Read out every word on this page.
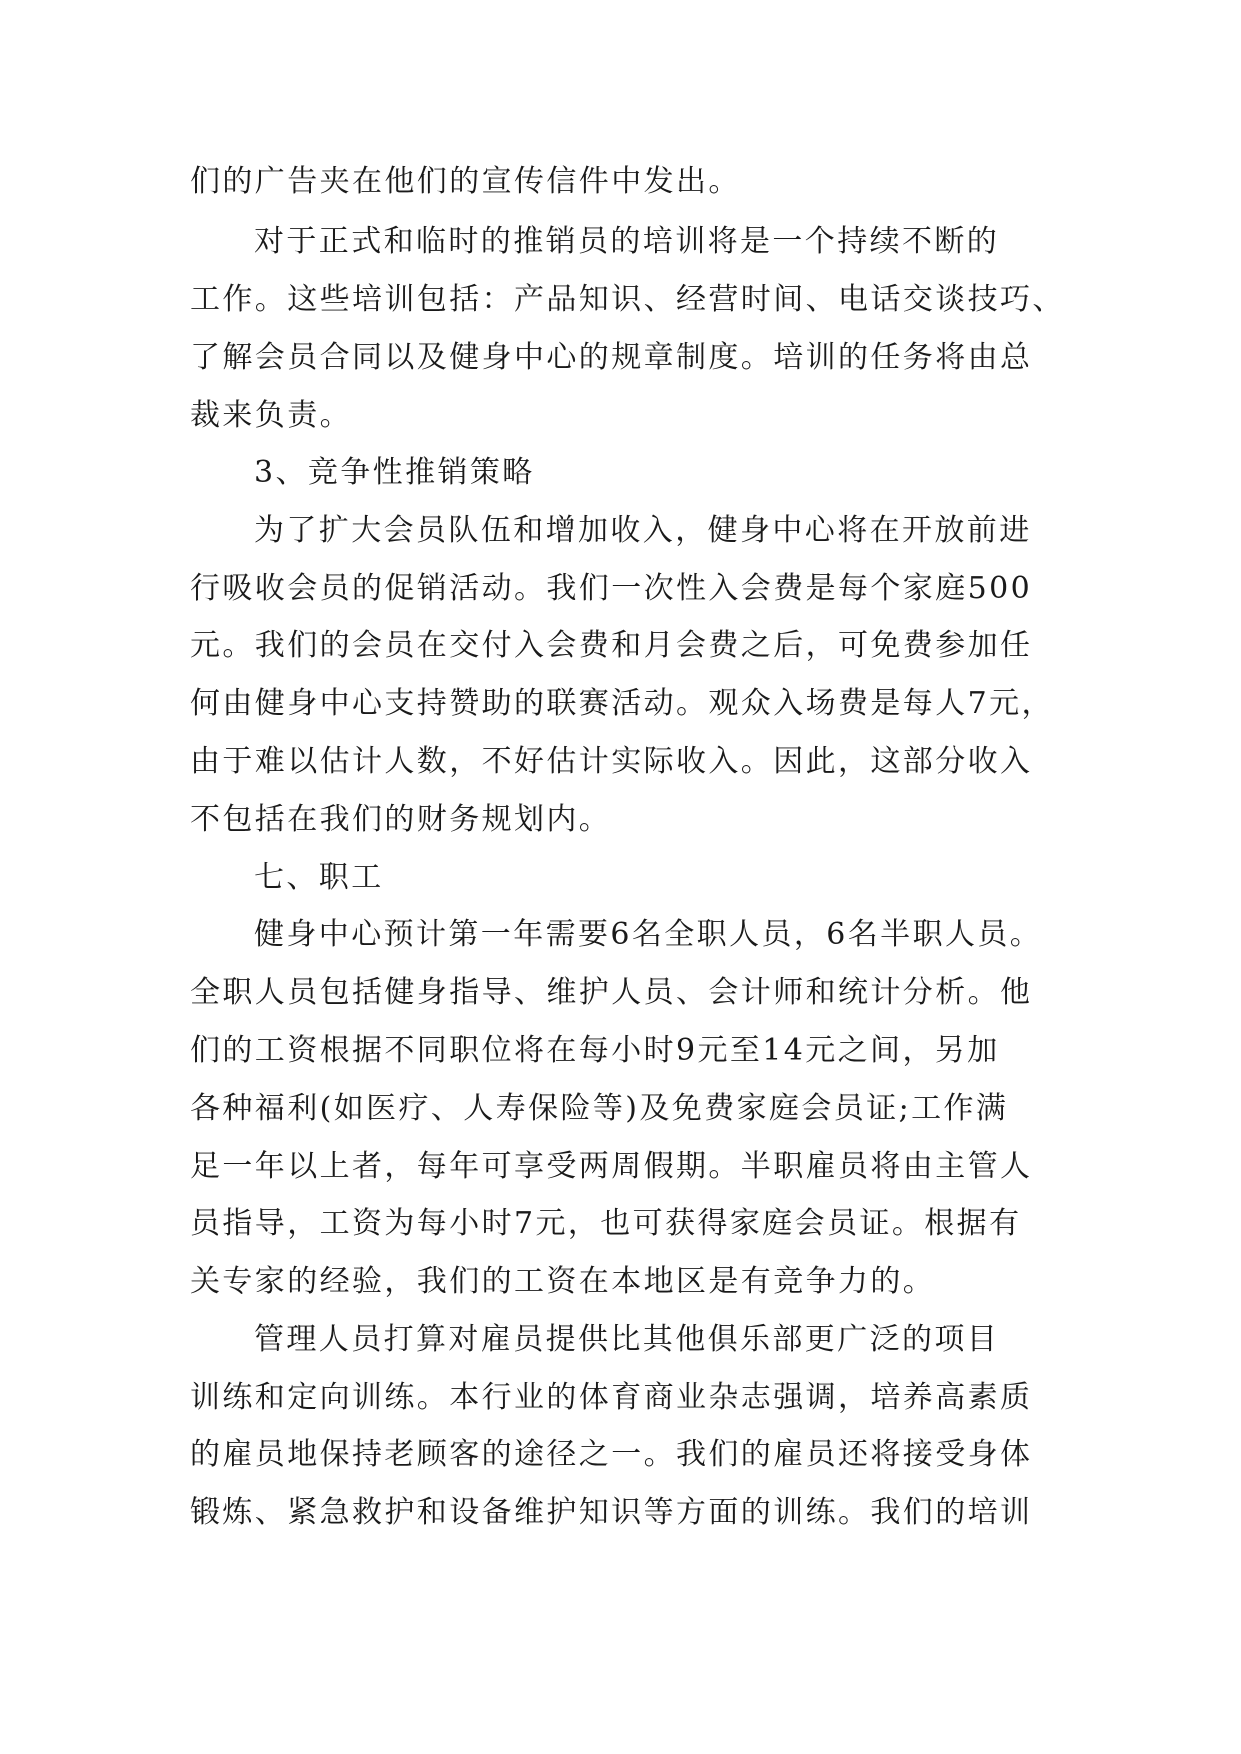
们的广告夹在他们的宣传信件中发出。
对于正式和临时的推销员的培训将是一个持续不断的
工作。这些培训包括：产品知识、经营时间、电话交谈技巧、
了解会员合同以及健身中心的规章制度。培训的任务将由总
裁来负责。
3、竞争性推销策略
为了扩大会员队伍和增加收入，健身中心将在开放前进
行吸收会员的促销活动。我们一次性入会费是每个家庭500
元。我们的会员在交付入会费和月会费之后，可免费参加任
何由健身中心支持赞助的联赛活动。观众入场费是每人7元，
由于难以估计人数，不好估计实际收入。因此，这部分收入
不包括在我们的财务规划内。
七、职工
健身中心预计第一年需要6名全职人员，6名半职人员。
全职人员包括健身指导、维护人员、会计师和统计分析。他
们的工资根据不同职位将在每小时9元至14元之间，另加
各种福利(如医疗、人寿保险等)及免费家庭会员证;工作满
足一年以上者，每年可享受两周假期。半职雇员将由主管人
员指导，工资为每小时7元，也可获得家庭会员证。根据有
关专家的经验，我们的工资在本地区是有竞争力的。
管理人员打算对雇员提供比其他俱乐部更广泛的项目
训练和定向训练。本行业的体育商业杂志强调，培养高素质
的雇员地保持老顾客的途径之一。我们的雇员还将接受身体
锻炼、紧急救护和设备维护知识等方面的训练。我们的培训
